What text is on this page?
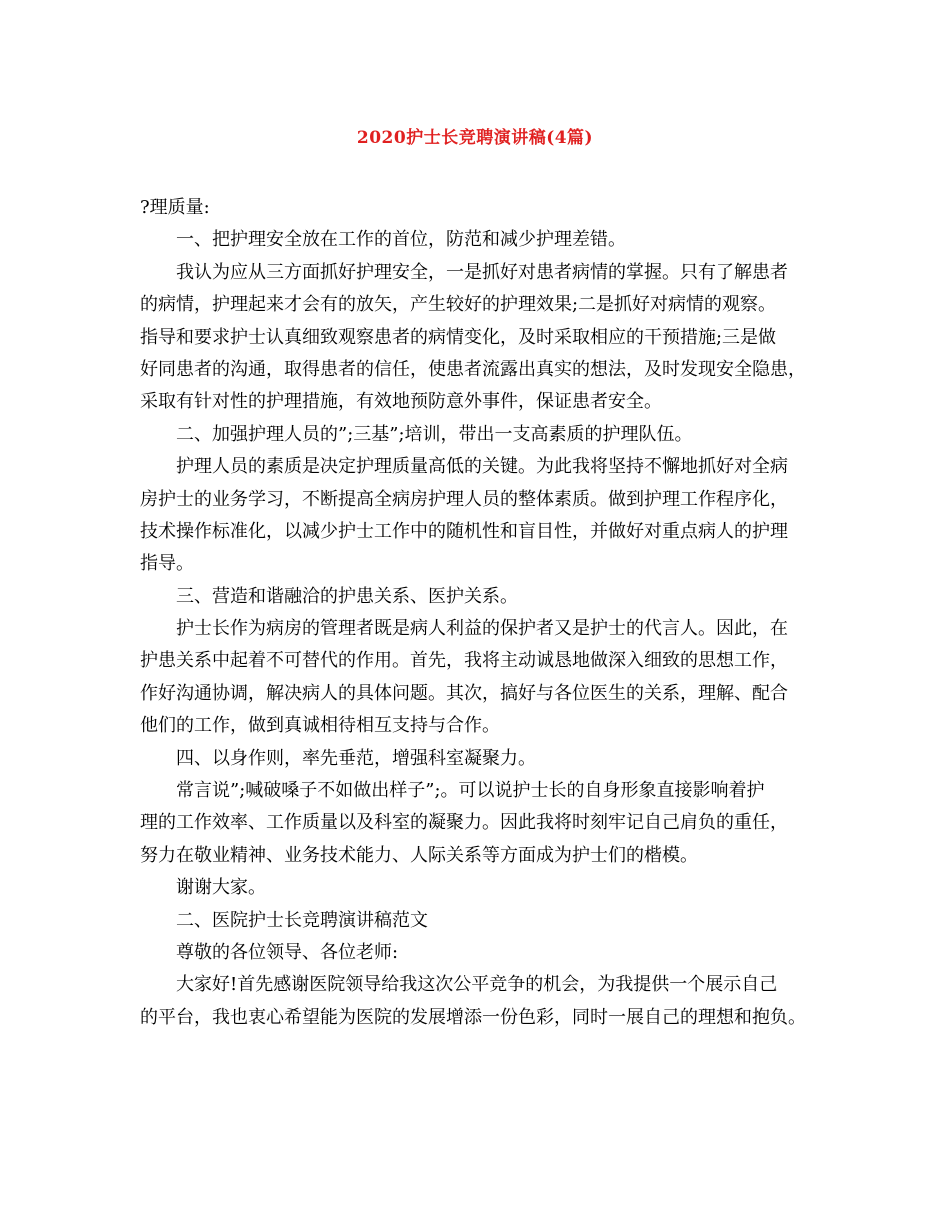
2020护士长竞聘演讲稿(4篇)
?理质量:
一、把护理安全放在工作的首位，防范和减少护理差错。
我认为应从三方面抓好护理安全，一是抓好对患者病情的掌握。只有了解患者
的病情，护理起来才会有的放矢，产生较好的护理效果;二是抓好对病情的观察。
指导和要求护士认真细致观察患者的病情变化，及时采取相应的干预措施;三是做
好同患者的沟通，取得患者的信任，使患者流露出真实的想法，及时发现安全隐患，
采取有针对性的护理措施，有效地预防意外事件，保证患者安全。
二、加强护理人员的”;三基”;培训，带出一支高素质的护理队伍。
护理人员的素质是决定护理质量高低的关键。为此我将坚持不懈地抓好对全病
房护士的业务学习，不断提高全病房护理人员的整体素质。做到护理工作程序化，
技术操作标准化，以减少护士工作中的随机性和盲目性，并做好对重点病人的护理
指导。
三、营造和谐融洽的护患关系、医护关系。
护士长作为病房的管理者既是病人利益的保护者又是护士的代言人。因此，在
护患关系中起着不可替代的作用。首先，我将主动诚恳地做深入细致的思想工作，
作好沟通协调，解决病人的具体问题。其次，搞好与各位医生的关系，理解、配合
他们的工作，做到真诚相待相互支持与合作。
四、以身作则，率先垂范，增强科室凝聚力。
常言说”;喊破嗓子不如做出样子”;。可以说护士长的自身形象直接影响着护
理的工作效率、工作质量以及科室的凝聚力。因此我将时刻牢记自己肩负的重任，
努力在敬业精神、业务技术能力、人际关系等方面成为护士们的楷模。
谢谢大家。
二、医院护士长竞聘演讲稿范文
尊敬的各位领导、各位老师:
大家好!首先感谢医院领导给我这次公平竞争的机会，为我提供一个展示自己
的平台，我也衷心希望能为医院的发展增添一份色彩，同时一展自己的理想和抱负。
